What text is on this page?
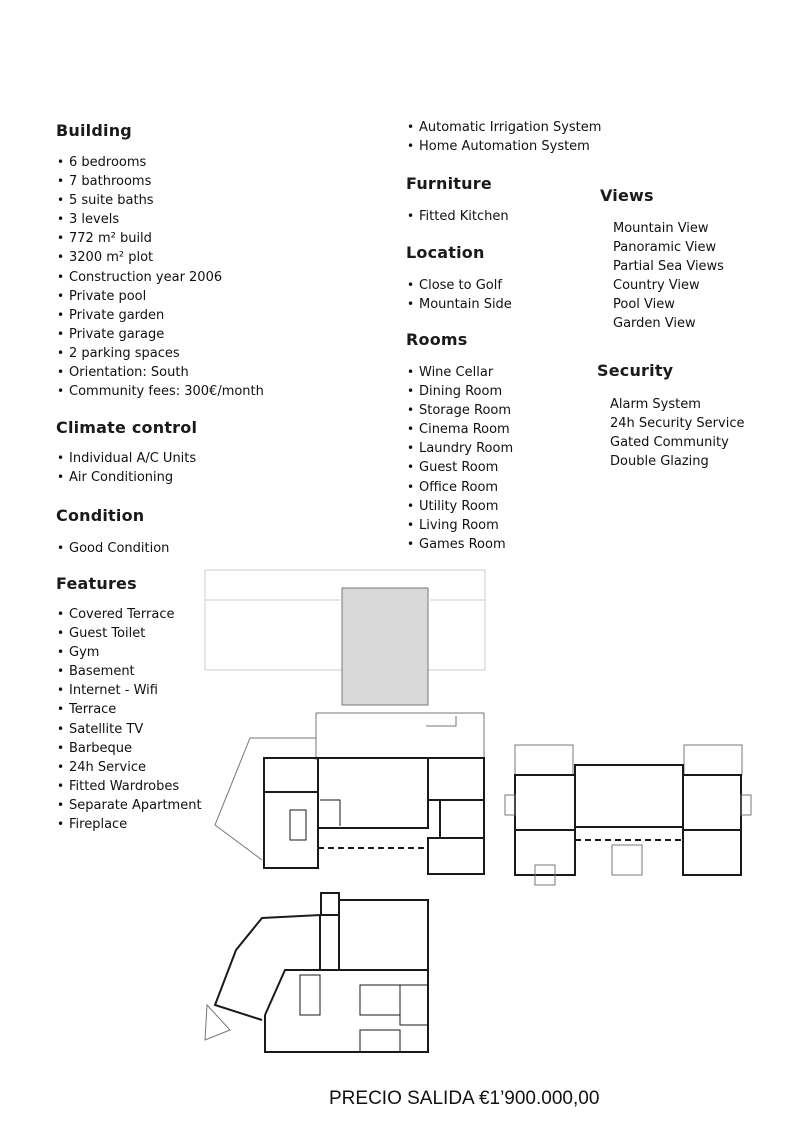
Building
• 6 bedrooms
• 7 bathrooms
• 5 suite baths
• 3 levels
• 772 m² build
• 3200 m² plot
• Construction year 2006
• Private pool
• Private garden
• Private garage
• 2 parking spaces
• Orientation: South
• Community fees: 300€/month
Climate control
• Individual A/C Units
• Air Conditioning
Condition
• Good Condition
Features
• Covered Terrace
• Guest Toilet
• Gym
• Basement
• Internet - Wifi
• Terrace
• Satellite TV
• Barbeque
• 24h Service
• Fitted Wardrobes
• Separate Apartment
• Fireplace
• Automatic Irrigation System
• Home Automation System
Furniture
• Fitted Kitchen
Location
• Close to Golf
• Mountain Side
Rooms
• Wine Cellar
• Dining Room
• Storage Room
• Cinema Room
• Laundry Room
• Guest Room
• Office Room
• Utility Room
• Living Room
• Games Room
Views
Mountain View
Panoramic View
Partial Sea Views
Country View
Pool View
Garden View
Security
Alarm System
24h Security Service
Gated Community
Double Glazing
PRECIO SALIDA €1’900.000,00
